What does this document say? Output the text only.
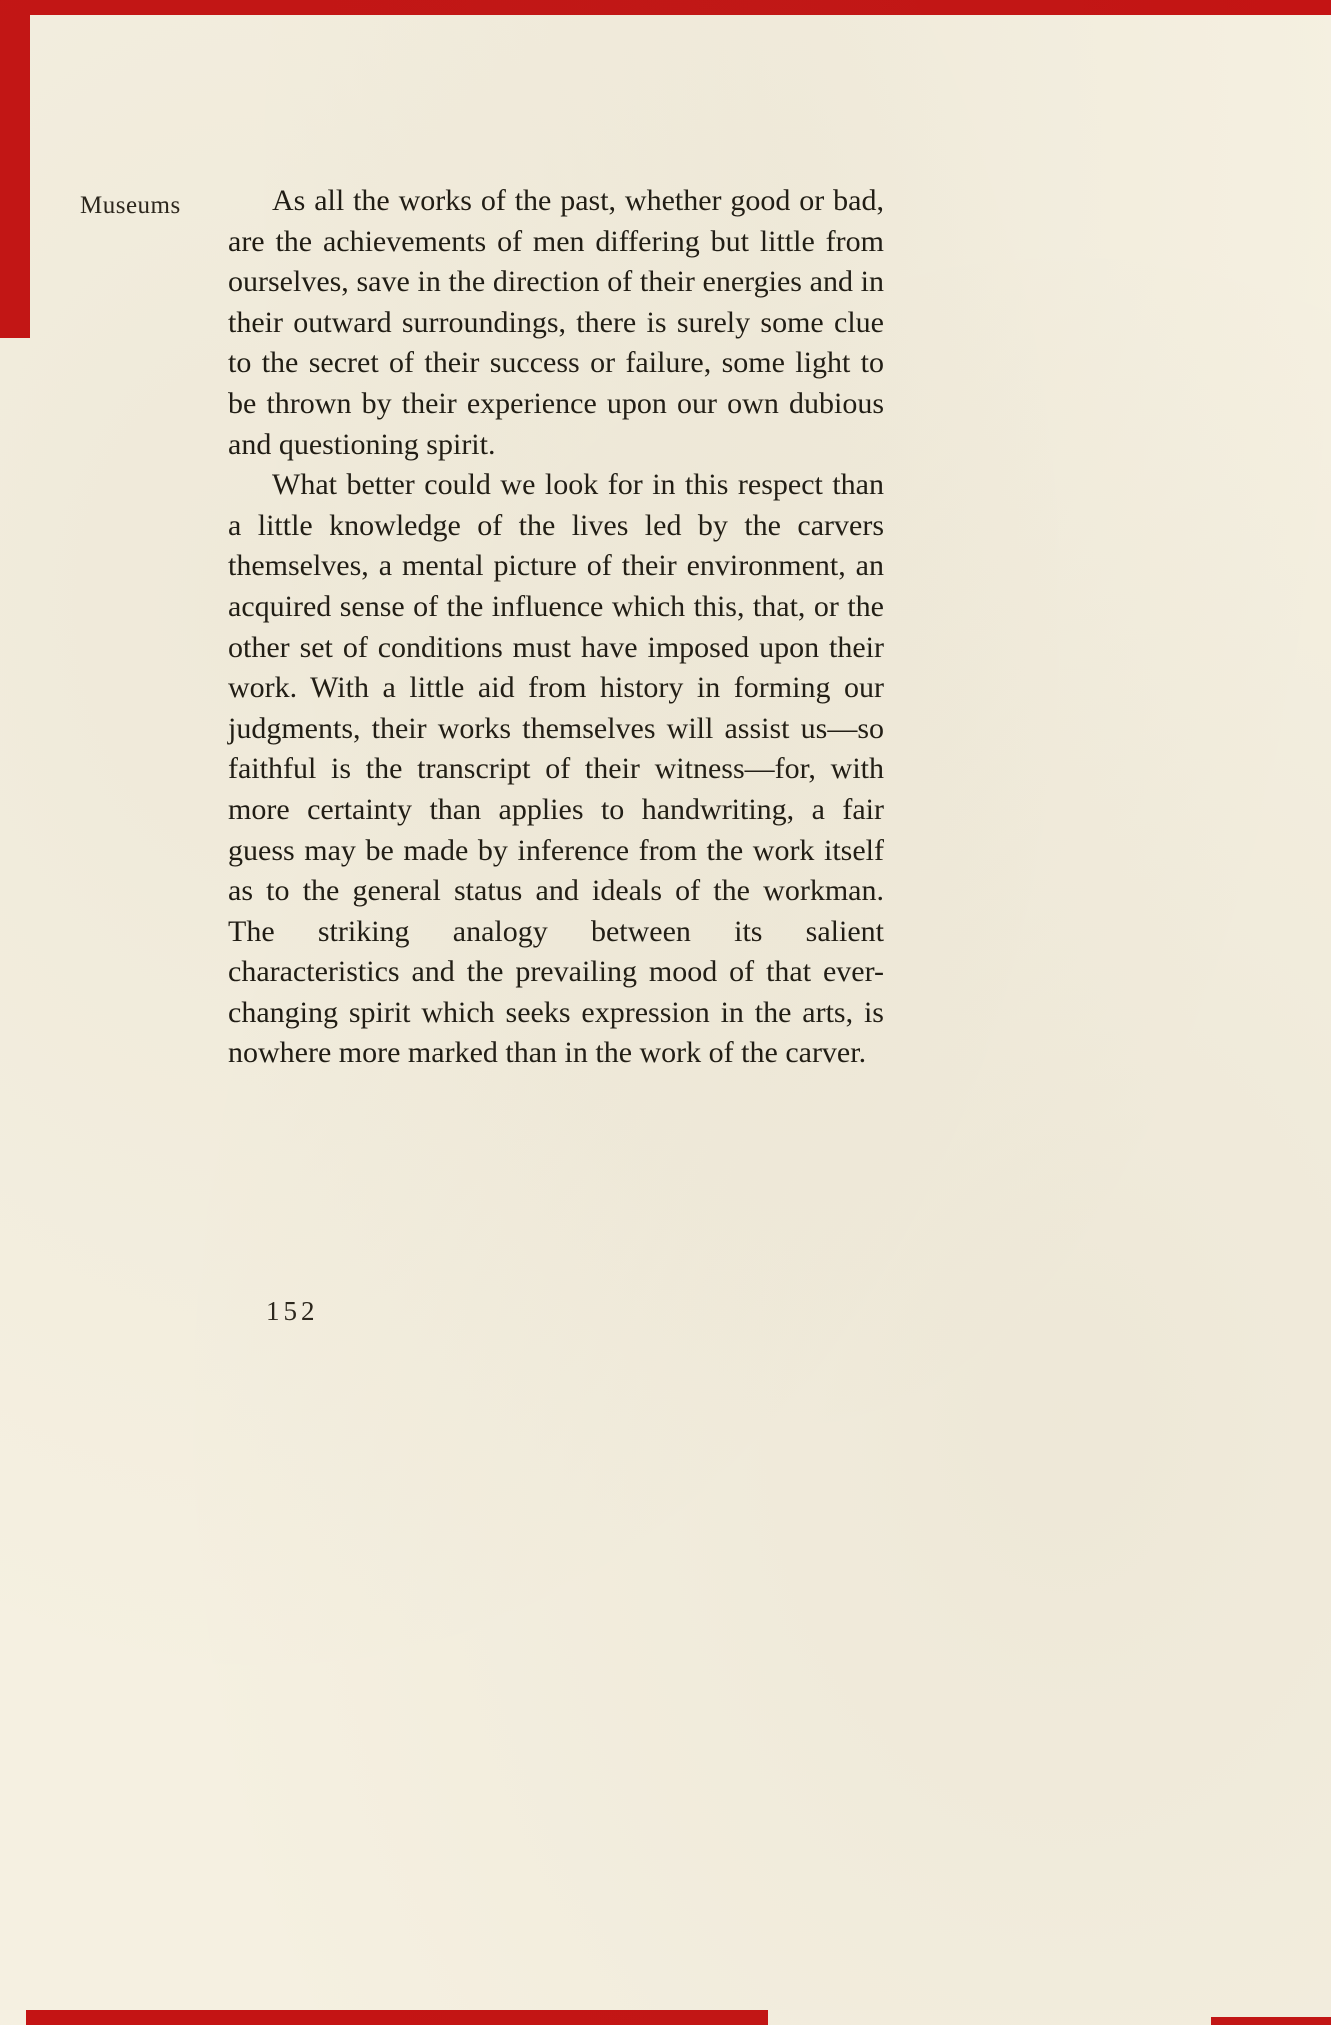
Museums	As all the works of the past, whether good or bad, are the achievements of men differing but little from ourselves, save in the direction of their energies and in their outward surroundings, there is surely some clue to the secret of their success or failure, some light to be thrown by their experience upon our own dubious and questioning spirit.

What better could we look for in this respect than a little knowledge of the lives led by the carvers themselves, a mental picture of their environment, an acquired sense of the influence which this, that, or the other set of conditions must have imposed upon their work. With a little aid from history in forming our judgments, their works themselves will assist us—so faithful is the transcript of their witness—for, with more certainty than applies to handwriting, a fair guess may be made by inference from the work itself as to the general status and ideals of the workman. The striking analogy between its salient characteristics and the prevailing mood of that ever-changing spirit which seeks expression in the arts, is nowhere more marked than in the work of the carver.

152
